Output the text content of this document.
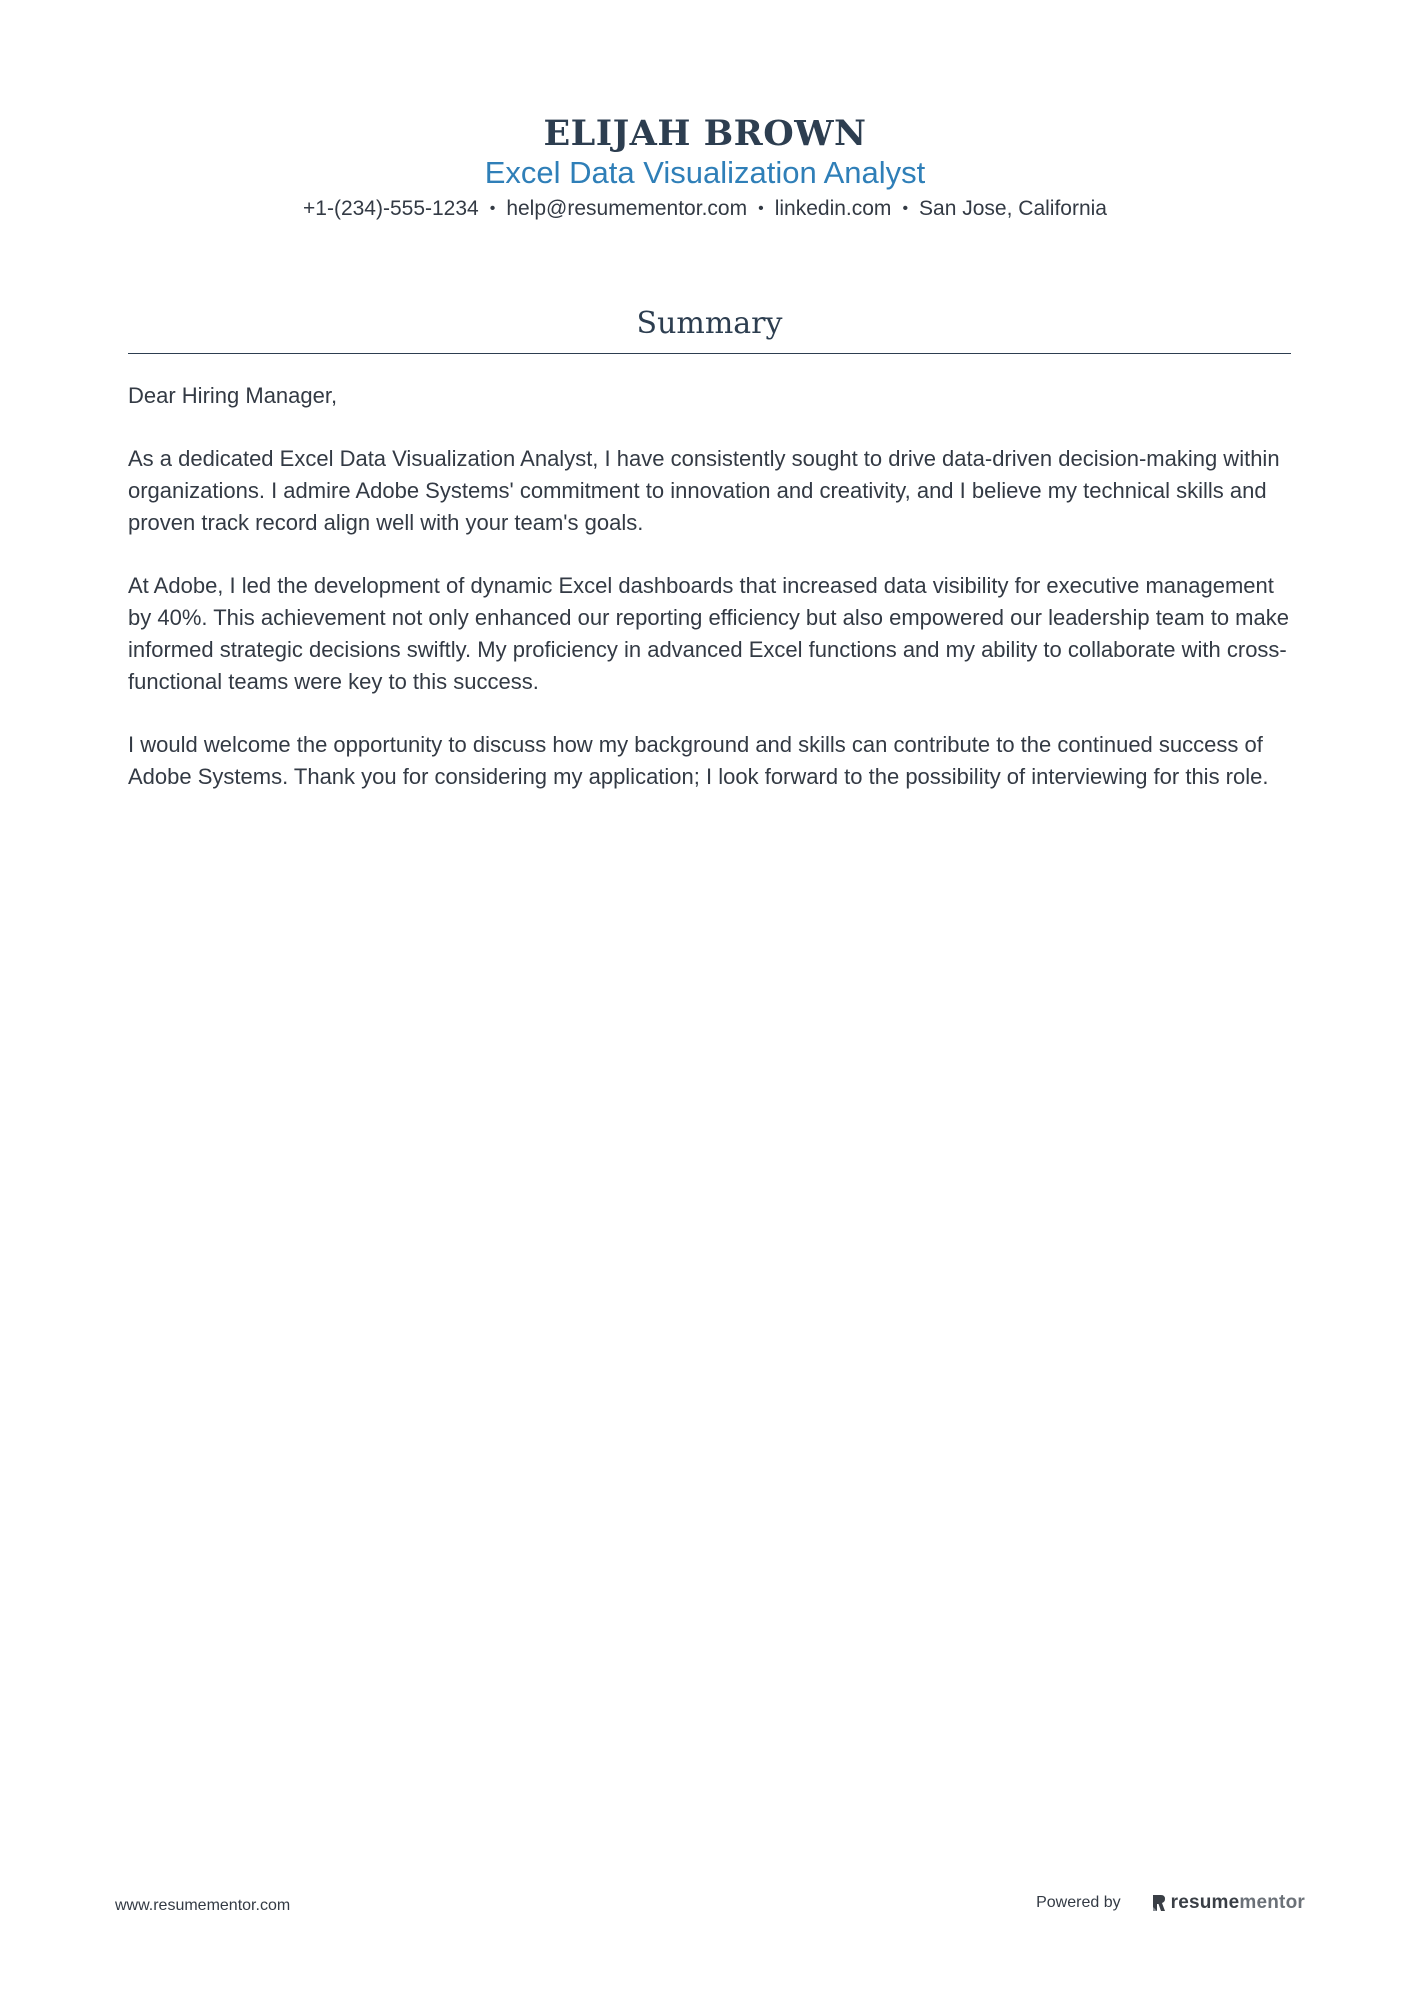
ELIJAH BROWN
Excel Data Visualization Analyst
+1-(234)-555-1234 • help@resumementor.com • linkedin.com • San Jose, California
Summary

Dear Hiring Manager,

As a dedicated Excel Data Visualization Analyst, I have consistently sought to drive data-driven decision-making within organizations. I admire Adobe Systems' commitment to innovation and creativity, and I believe my technical skills and proven track record align well with your team's goals.

At Adobe, I led the development of dynamic Excel dashboards that increased data visibility for executive management by 40%. This achievement not only enhanced our reporting efficiency but also empowered our leadership team to make informed strategic decisions swiftly. My proficiency in advanced Excel functions and my ability to collaborate with cross-functional teams were key to this success.

I would welcome the opportunity to discuss how my background and skills can contribute to the continued success of Adobe Systems. Thank you for considering my application; I look forward to the possibility of interviewing for this role.

www.resumementor.com	Powered by	resume mentor
